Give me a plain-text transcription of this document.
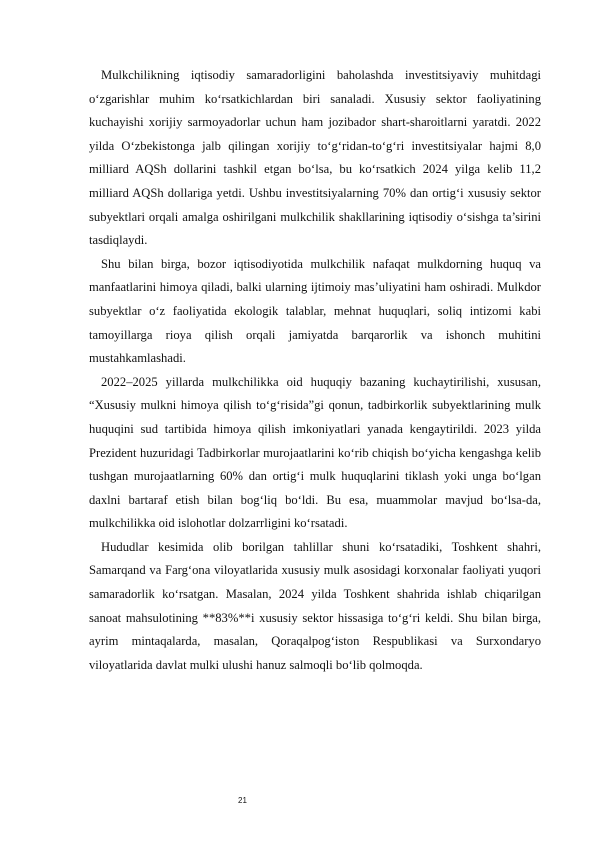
Mulkchilikning iqtisodiy samaradorligini baholashda investitsiyaviy muhitdagi o‘zgarishlar muhim ko‘rsatkichlardan biri sanaladi. Xususiy sektor faoliyatining kuchayishi xorijiy sarmoyadorlar uchun ham jozibador shart-sharoitlarni yaratdi. 2022 yilda O‘zbekistonga jalb qilingan xorijiy to‘g‘ridan-to‘g‘ri investitsiyalar hajmi 8,0 milliard AQSh dollarini tashkil etgan bo‘lsa, bu ko‘rsatkich 2024 yilga kelib 11,2 milliard AQSh dollariga yetdi. Ushbu investitsiyalarning 70% dan ortig‘i xususiy sektor subyektlari orqali amalga oshirilgani mulkchilik shakllarining iqtisodiy o‘sishga ta’sirini tasdiqlaydi.

Shu bilan birga, bozor iqtisodiyotida mulkchilik nafaqat mulkdorning huquq va manfaatlarini himoya qiladi, balki ularning ijtimoiy mas’uliyatini ham oshiradi. Mulkdor subyektlar o‘z faoliyatida ekologik talablar, mehnat huquqlari, soliq intizomi kabi tamoyillarga rioya qilish orqali jamiyatda barqarorlik va ishonch muhitini mustahkamlashadi.

2022–2025 yillarda mulkchilikka oid huquqiy bazaning kuchaytirilishi, xususan, “Xususiy mulkni himoya qilish to‘g‘risida”gi qonun, tadbirkorlik subyektlarining mulk huquqini sud tartibida himoya qilish imkoniyatlari yanada kengaytirildi. 2023 yilda Prezident huzuridagi Tadbirkorlar murojaatlarini ko‘rib chiqish bo‘yicha kengashga kelib tushgan murojaatlarning 60% dan ortig‘i mulk huquqlarini tiklash yoki unga bo‘lgan daxlni bartaraf etish bilan bog‘liq bo‘ldi. Bu esa, muammolar mavjud bo‘lsa-da, mulkchilikka oid islohotlar dolzarrligini ko‘rsatadi.

Hududlar kesimida olib borilgan tahlillar shuni ko‘rsatadiki, Toshkent shahri, Samarqand va Farg‘ona viloyatlarida xususiy mulk asosidagi korxonalar faoliyati yuqori samaradorlik ko‘rsatgan. Masalan, 2024 yilda Toshkent shahrida ishlab chiqarilgan sanoat mahsulotining **83%**i xususiy sektor hissasiga to‘g‘ri keldi. Shu bilan birga, ayrim mintaqalarda, masalan, Qoraqalpog‘iston Respublikasi va Surxondaryo viloyatlarida davlat mulki ulushi hanuz salmoqli bo‘lib qolmoqda.

21
